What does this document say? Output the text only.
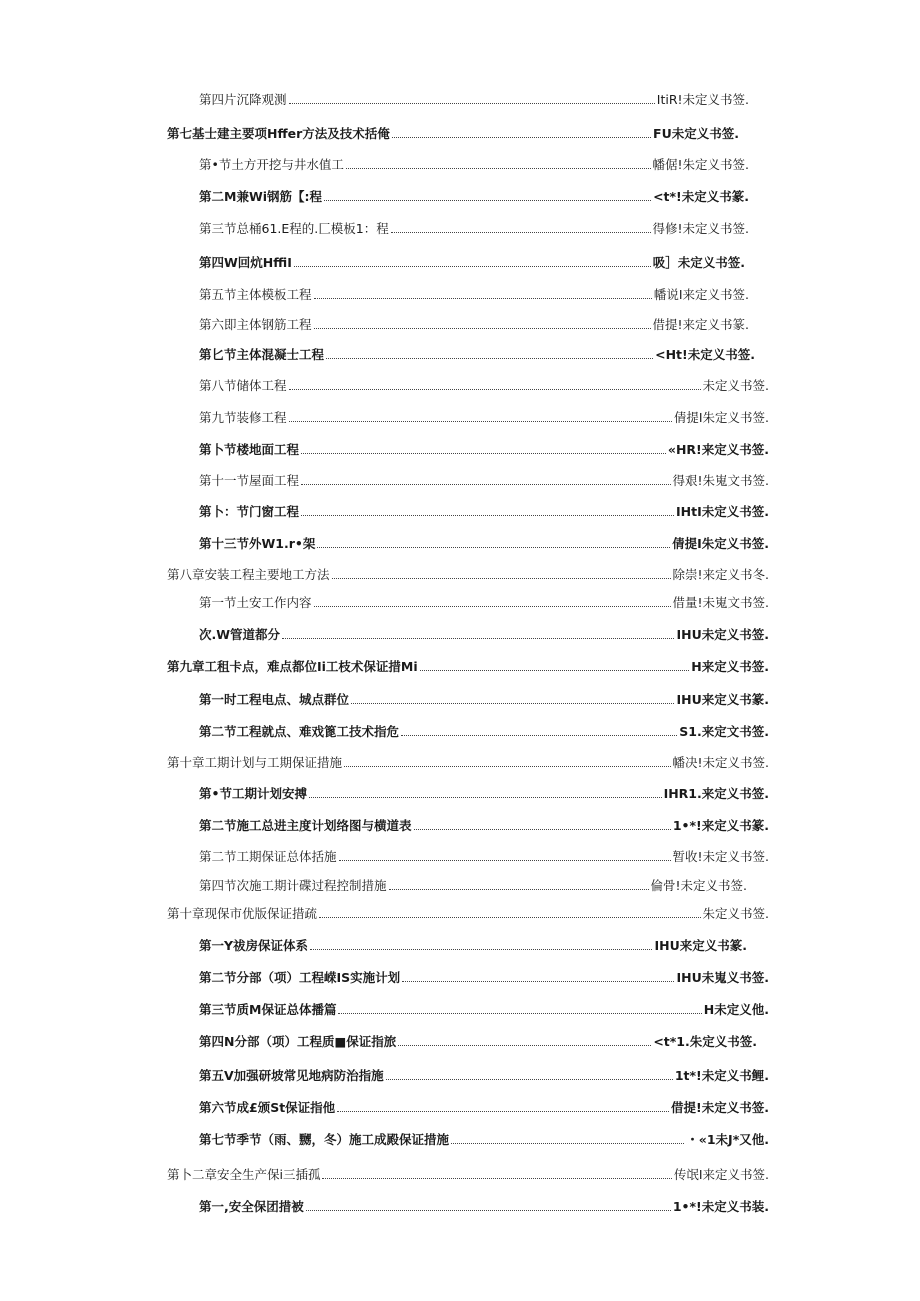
第四片沉降观测	ItiR!未定义书签.
第七基士建主要项Hffer方法及技术括俺	FU未定义书签.
第•节土方开挖与井水值工	幡倨!朱定义书签.
第二M兼Wi钢筋【:程	<t*!未定义书篆.
第三节总桶61.E程的.匚模板1：程	得修!未定义书签.
第四W回炕HffiI	吸］未定义书签.
第五节主体模板工程	幡说I来定义书签.
第六即主体钢筋工程	借提!来定义书篆.
第匕节主体混凝士工程	<Ht!未定义书签.
第八节储体工程	未定义书签.
第九节装修工程	倩提I朱定义书签.
第卜节楼地面工程	«HR!来定义书签.
第十一节屋面工程	得艰!朱嵬文书签.
第卜：节门窗工程	IHtI未定义书签.
第十三节外W1.r•架	倩提I朱定义书签.
第八章安装工程主要地工方法	除崇!来定义书冬.
第一节土安工作内容	借量!未嵬文书签.
次.W管道都分	IHU未定义书签.
第九章工租卡点，难点都位Ii工枝术保证措Mi	H来定义书签.
第一时工程电点、城点群位	IHU来定义书篆.
第二节工程就点、难戏篦工技术指危	S1.来定文书签.
第十章工期计划与工期保证措施	幡决!未定义书签.
第•节工期计划安搏	IHR1.来定义书签.
第二节施工总进主度计划络图与横道表	1•*!来定义书篆.
第二节工期保证总体括施	暂收!未定义书签.
第四节次施工期计碟过程控制措施	倫骨!未定义书签.
第十章现保市优版保证措疏	朱定义书签.
第一Y祓房保证体系	IHU来定义书篆.
第二节分部（项）工程嵘IS实施计划	IHU未嵬义书签.
第三节质M保证总体播篇	H未定义他.
第四N分部（项）工程质■保证指旅	<t*1.朱定义书签.
第五V加强研坡常见地病防治指施	1t*!未定义书鲤.
第六节成£颁St保证指他	借提!未定义书签.
第七节季节（雨、嬲，冬）施工成殿保证措施	・«1未J*又他.
第卜二章安全生产保i三插孤	传氓I来定义书签.
第一,安全保团措被	1•*!未定义书装.
